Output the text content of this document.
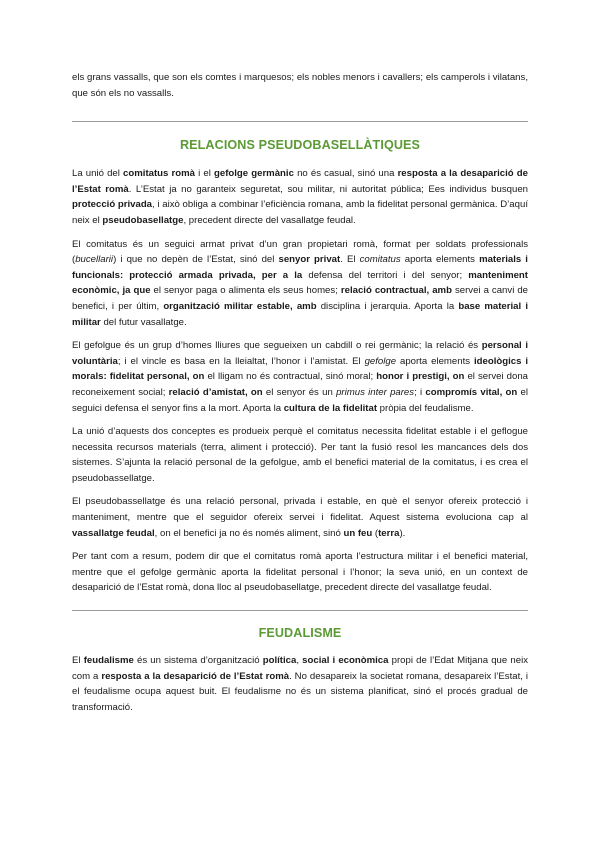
els grans vassalls, que son els comtes i marquesos; els nobles menors i cavallers; els camperols i vilatans, que són els no vassalls.

RELACIONS PSEUDOBASELLÀTIQUES

La unió del comitatus romà i el gefolge germànic no és casual, sinó una resposta a la desaparició de l’Estat romà. L’Estat ja no garanteix seguretat, sou militar, ni autoritat pública; Ees individus busquen protecció privada, i això obliga a combinar l’eficiència romana, amb la fidelitat personal germànica. D’aquí neix el pseudobasellatge, precedent directe del vasallatge feudal.

El comitatus és un seguici armat privat d’un gran propietari romà, format per soldats professionals (bucellarii) i que no depèn de l’Estat, sinó del senyor privat. El comitatus aporta elements materials i funcionals: protecció armada privada, per a la defensa del territori i del senyor; manteniment econòmic, ja que el senyor paga o alimenta els seus homes; relació contractual, amb servei a canvi de benefici, i per últim, organització militar estable, amb disciplina i jerarquia. Aporta la base material i militar del futur vasallatge.

El gefolgue és un grup d’homes lliures que segueixen un cabdill o rei germànic; la relació és personal i voluntària; i el vincle es basa en la lleialtat, l’honor i l’amistat. El gefolge aporta elements ideològics i morals: fidelitat personal, on el lligam no és contractual, sinó moral; honor i prestigi, on el servei dona reconeixement social; relació d’amistat, on el senyor és un primus inter pares; i compromís vital, on el seguici defensa el senyor fins a la mort. Aporta la cultura de la fidelitat pròpia del feudalisme.

La unió d’aquests dos conceptes es produeix perquè el comitatus necessita fidelitat estable i el geflogue necessita recursos materials (terra, aliment i protecció). Per tant la fusió resol les mancances dels dos sistemes. S’ajunta la relació personal de la gefolgue, amb el benefici material de la comitatus, i es crea el pseudobassellatge.

El pseudobassellatge és una relació personal, privada i estable, en què el senyor ofereix protecció i manteniment, mentre que el seguidor ofereix servei i fidelitat. Aquest sistema evoluciona cap al vassallatge feudal, on el benefici ja no és només aliment, sinó un feu (terra).

Per tant com a resum, podem dir que el comitatus romà aporta l’estructura militar i el benefici material, mentre que el gefolge germànic aporta la fidelitat personal i l’honor; la seva unió, en un context de desaparició de l’Estat romà, dona lloc al pseudobasellatge, precedent directe del vasallatge feudal.

FEUDALISME

El feudalisme és un sistema d’organització política, social i econòmica propi de l’Edat Mitjana que neix com a resposta a la desaparició de l’Estat romà. No desapareix la societat romana, desapareix l’Estat, i el feudalisme ocupa aquest buit. El feudalisme no és un sistema planificat, sinó el procés gradual de transformació.
